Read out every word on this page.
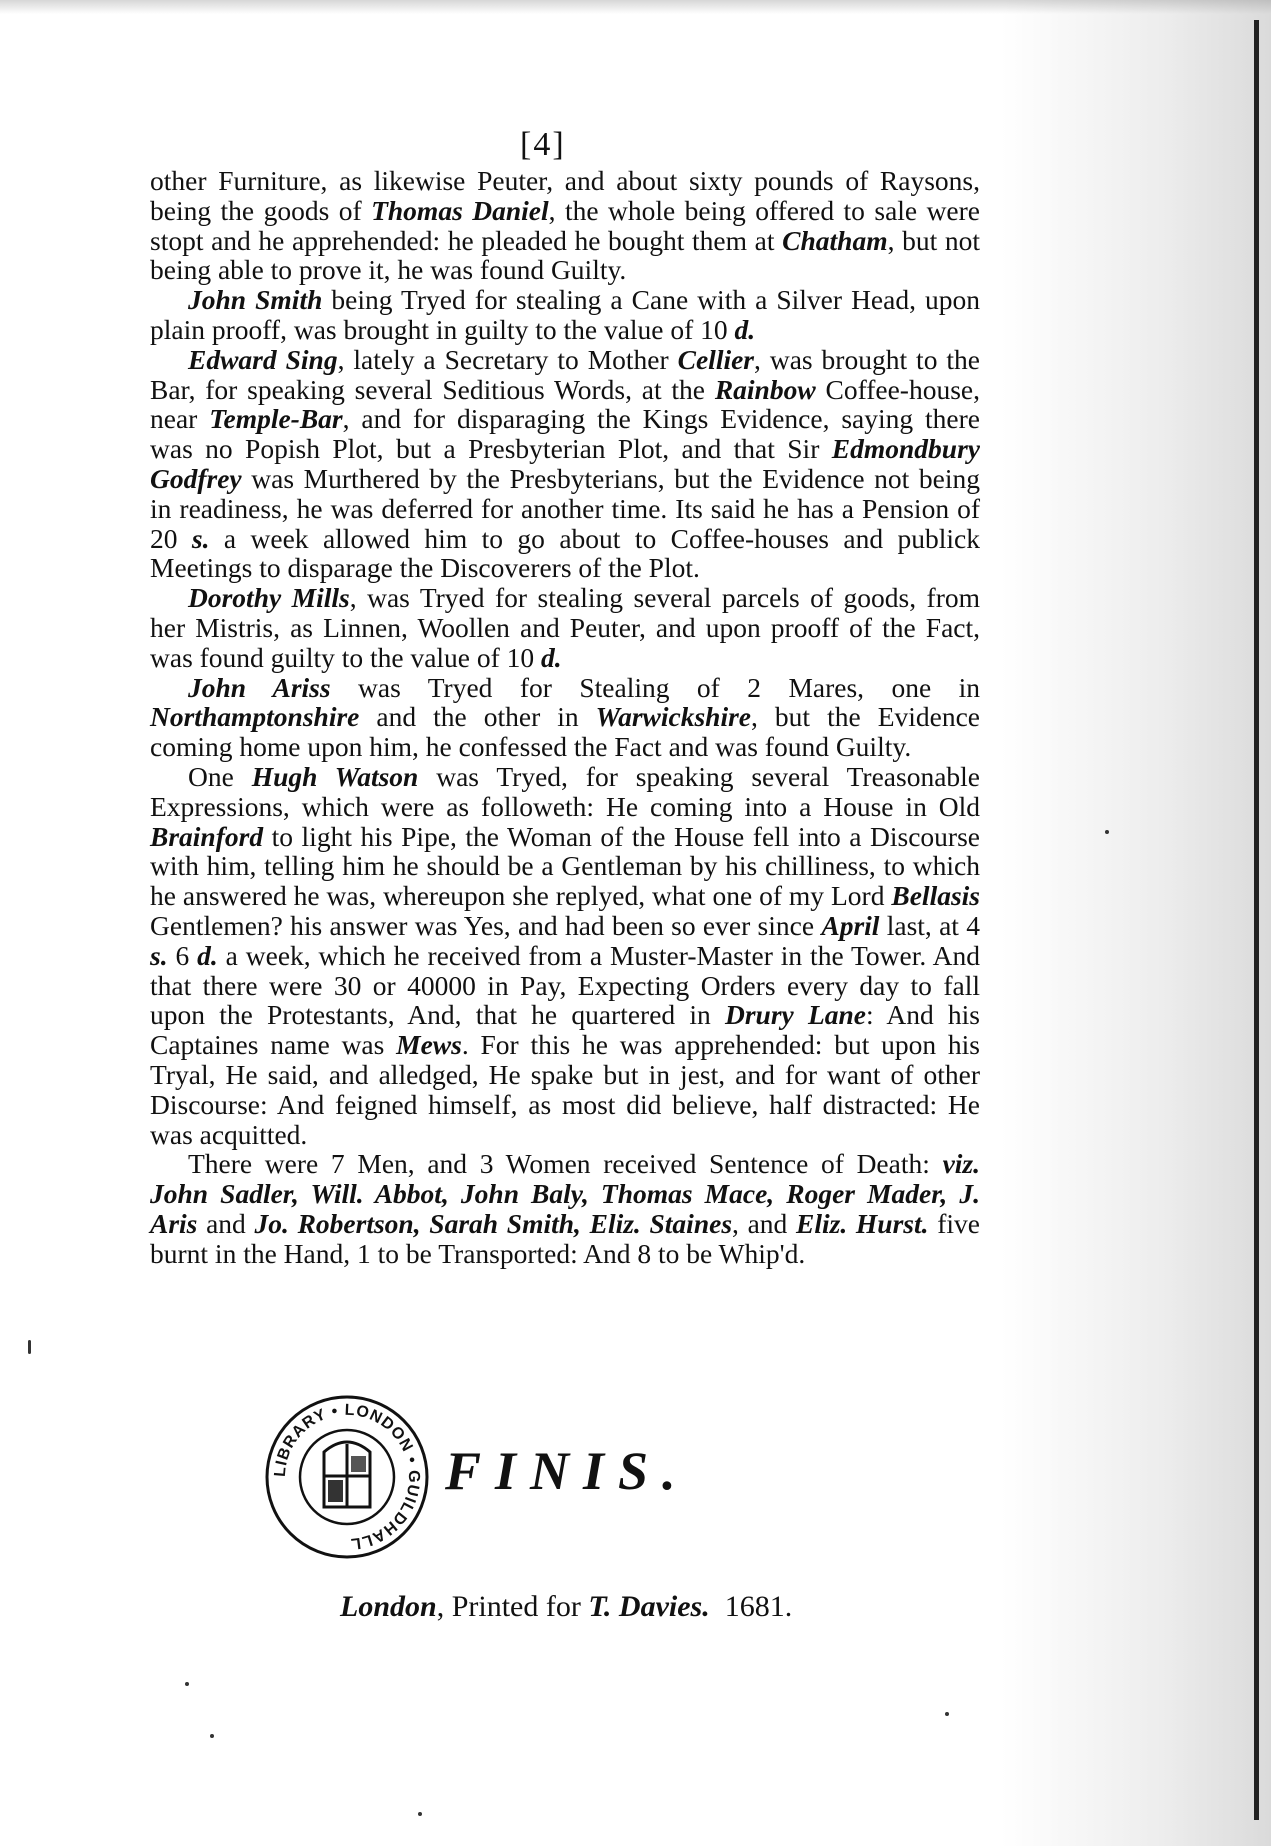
[4]

other Furniture, as likewise Peuter, and about sixty pounds of Raysons, being the goods of Thomas Daniel, the whole being offered to sale were stopt and he apprehended: he pleaded he bought them at Chatham, but not being able to prove it, he was found Guilty.

John Smith being Tryed for stealing a Cane with a Silver Head, upon plain prooff, was brought in guilty to the value of 10 d.

Edward Sing, lately a Secretary to Mother Cellier, was brought to the Bar, for speaking several Seditious Words, at the Rainbow Coffee-house, near Temple-Bar, and for disparaging the Kings Evidence, saying there was no Popish Plot, but a Presbyterian Plot, and that Sir Edmondbury Godfrey was Murthered by the Presbyterians, but the Evidence not being in readiness, he was deferred for another time. Its said he has a Pension of 20 s. a week allowed him to go about to Coffee-houses and publick Meetings to disparage the Discoverers of the Plot.

Dorothy Mills, was Tryed for stealing several parcels of goods, from her Mistris, as Linnen, Woollen and Peuter, and upon prooff of the Fact, was found guilty to the value of 10 d.

John Ariss was Tryed for Stealing of 2 Mares, one in Northamptonshire and the other in Warwickshire, but the Evidence coming home upon him, he confessed the Fact and was found Guilty.

One Hugh Watson was Tryed, for speaking several Treasonable Expressions, which were as followeth: He coming into a House in Old Brainford to light his Pipe, the Woman of the House fell into a Discourse with him, telling him he should be a Gentleman by his chilliness, to which he answered he was, whereupon she replyed, what one of my Lord Bellasis Gentlemen? his answer was Yes, and had been so ever since April last, at 4 s. 6 d. a week, which he received from a Muster-Master in the Tower. And that there were 30 or 40000 in Pay, Expecting Orders every day to fall upon the Protestants, And, that he quartered in Drury Lane: And his Captaines name was Mews. For this he was apprehended: but upon his Tryal, He said, and alledged, He spake but in jest, and for want of other Discourse: And feigned himself, as most did believe, half distracted: He was acquitted.

There were 7 Men, and 3 Women received Sentence of Death: viz. John Sadler, Will. Abbot, John Baly, Thomas Mace, Roger Mader, J. Aris and Jo. Robertson, Sarah Smith, Eliz. Staines, and Eliz. Hurst. five burnt in the Hand, 1 to be Transported: And 8 to be Whip'd.

LIBRARY • LONDON • GUILDHALL
FINIS.
London, Printed for T. Davies. 1681.
